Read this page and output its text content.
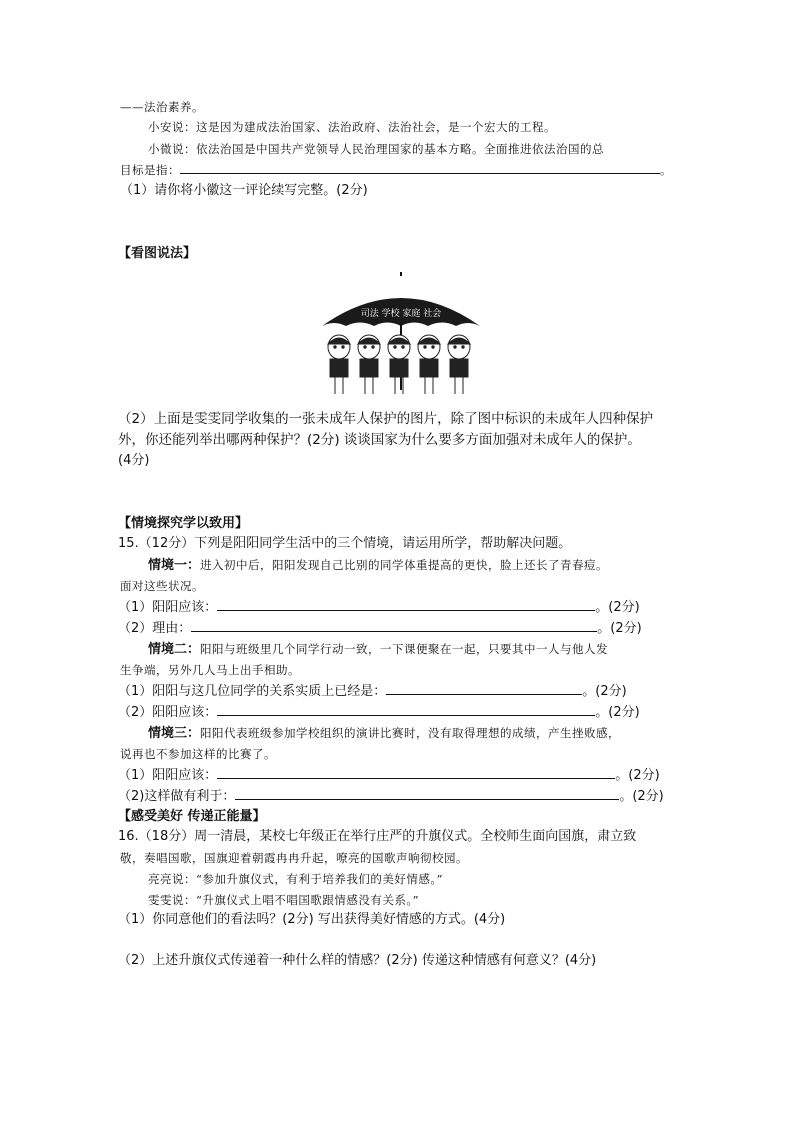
——法治素养。
小安说：这是因为建成法治国家、法治政府、法治社会，是一个宏大的工程。
小微说：依法治国是中国共产党领导人民治理国家的基本方略。全面推进依法治国的总
目标是指：	。
（1）请你将小徽这一评论续写完整。(2分)
【看图说法】
司法 学校 家庭 社会
（2）上面是雯雯同学收集的一张未成年人保护的图片，除了图中标识的未成年人四种保护
外，你还能列举出哪两种保护？(2分) 谈谈国家为什么要多方面加强对未成年人的保护。
(4分)
【情境探究学以致用】
15.（12分）下列是阳阳同学生活中的三个情境，请运用所学，帮助解决问题。
情境一：进入初中后，阳阳发现自己比别的同学体重提高的更快，脸上还长了青春痘。
面对这些状况。
（1）阳阳应该：	。(2分)
（2）理由：	。(2分)
情境二：阳阳与班级里几个同学行动一致，一下课便聚在一起，只要其中一人与他人发
生争端，另外几人马上出手相助。
（1）阳阳与这几位同学的关系实质上已经是：	。(2分)
（2）阳阳应该：	。(2分)
情境三：阳阳代表班级参加学校组织的演讲比赛时，没有取得理想的成绩，产生挫败感，
说再也不参加这样的比赛了。
（1）阳阳应该：	。(2分)
（2)这样做有利于：	。(2分)
【感受美好 传递正能量】
16.（18分）周一清晨，某校七年级正在举行庄严的升旗仪式。全校师生面向国旗，肃立致
敬，奏唱国歌，国旗迎着朝霞冉冉升起，嘹亮的国歌声响彻校园。
亮亮说：“参加升旗仪式，有利于培养我们的美好情感。”
雯雯说：“升旗仪式上唱不唱国歌跟情感没有关系。”
（1）你同意他们的看法吗？(2分) 写出获得美好情感的方式。(4分)
（2）上述升旗仪式传递着一种什么样的情感？(2分) 传递这种情感有何意义？(4分)
